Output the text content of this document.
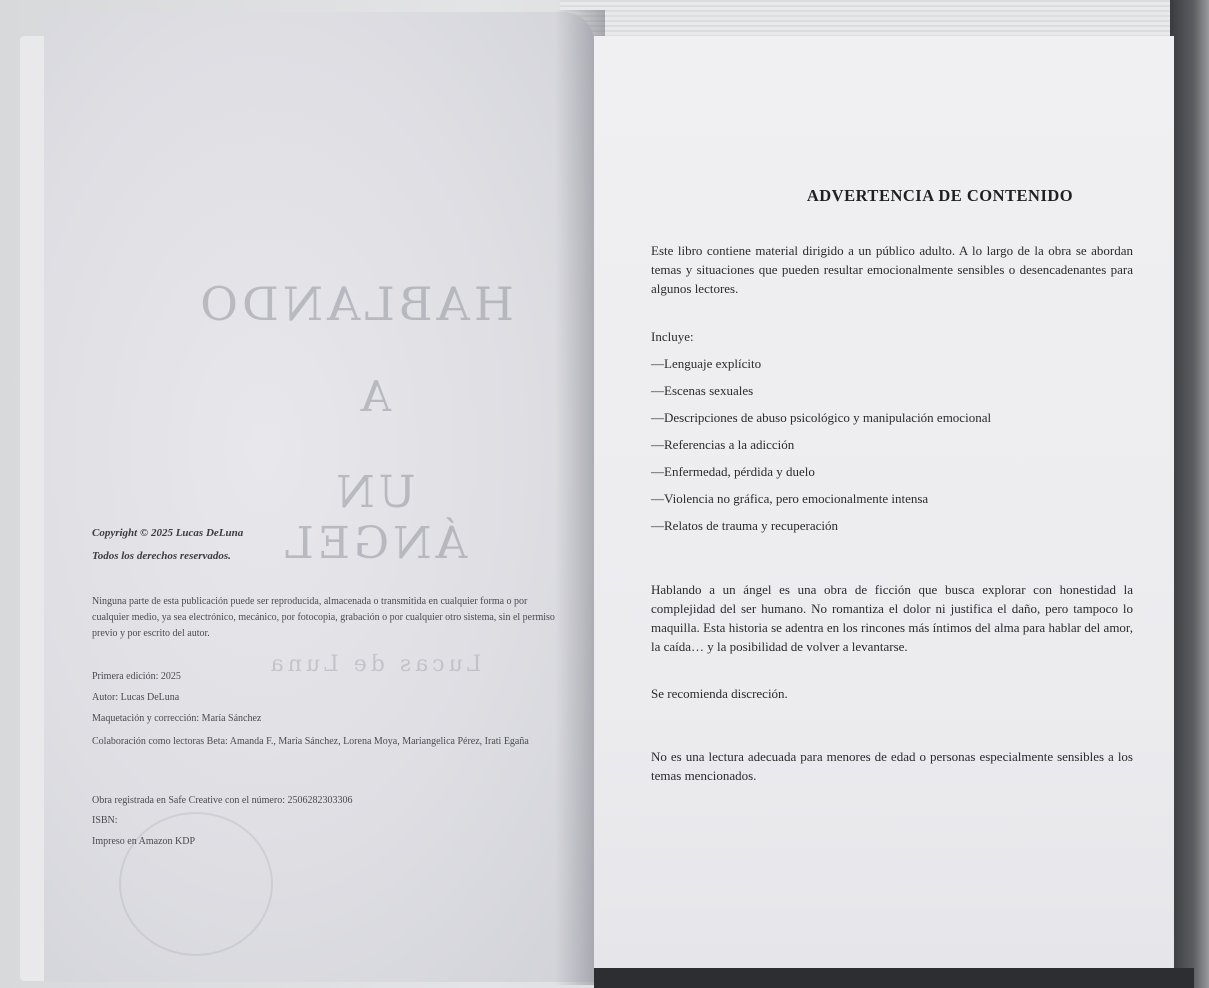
HABLANDO
A
UN ÁNGEL
Lucas de Luna
Copyright © 2025 Lucas DeLuna
Todos los derechos reservados.
Ninguna parte de esta publicación puede ser reproducida, almacenada o transmitida en cualquier forma o por cualquier medio, ya sea electrónico, mecánico, por fotocopia, grabación o por cualquier otro sistema, sin el permiso previo y por escrito del autor.
Primera edición: 2025
Autor: Lucas DeLuna
Maquetación y corrección: María Sánchez
Colaboración como lectoras Beta: Amanda F., María Sánchez, Lorena Moya, Mariangelica Pérez, Irati Egaña
Obra registrada en Safe Creative con el número: 2506282303306
ISBN:
Impreso en Amazon KDP
ADVERTENCIA DE CONTENIDO
Este libro contiene material dirigido a un público adulto. A lo largo de la obra se abordan temas y situaciones que pueden resultar emocionalmente sensibles o desencadenantes para algunos lectores.
Incluye:
—Lenguaje explícito
—Escenas sexuales
—Descripciones de abuso psicológico y manipulación emocional
—Referencias a la adicción
—Enfermedad, pérdida y duelo
—Violencia no gráfica, pero emocionalmente intensa
—Relatos de trauma y recuperación
Hablando a un ángel es una obra de ficción que busca explorar con honestidad la complejidad del ser humano. No romantiza el dolor ni justifica el daño, pero tampoco lo maquilla. Esta historia se adentra en los rincones más íntimos del alma para hablar del amor, la caída… y la posibilidad de volver a levantarse.
Se recomienda discreción.
No es una lectura adecuada para menores de edad o personas especialmente sensibles a los temas mencionados.
